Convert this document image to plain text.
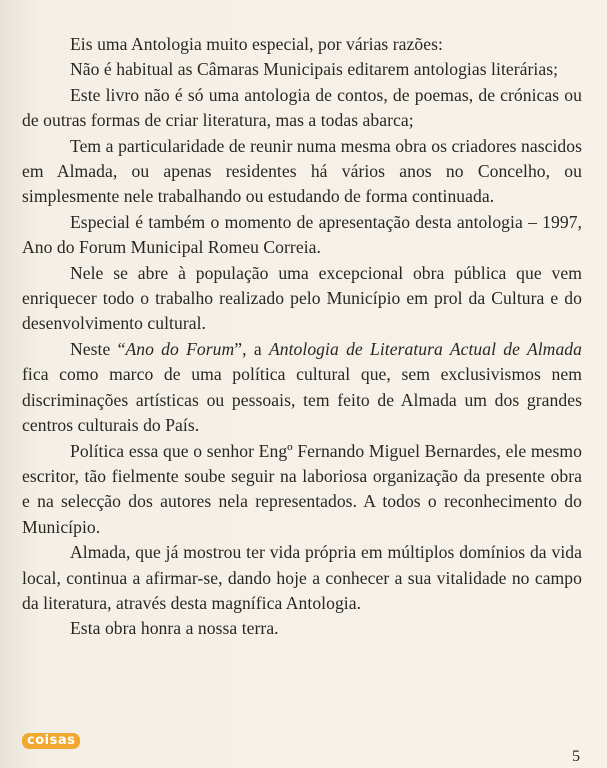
Eis uma Antologia muito especial, por várias razões:

Não é habitual as Câmaras Municipais editarem antologias literárias;

Este livro não é só uma antologia de contos, de poemas, de crónicas ou de outras formas de criar literatura, mas a todas abarca;

Tem a particularidade de reunir numa mesma obra os criadores nascidos em Almada, ou apenas residentes há vários anos no Concelho, ou simplesmente nele trabalhando ou estudando de forma continuada.

Especial é também o momento de apresentação desta antologia – 1997, Ano do Forum Municipal Romeu Correia.

Nele se abre à população uma excepcional obra pública que vem enriquecer todo o trabalho realizado pelo Município em prol da Cultura e do desenvolvimento cultural.

Neste “Ano do Forum”, a Antologia de Literatura Actual de Almada fica como marco de uma política cultural que, sem exclusivismos nem discriminações artísticas ou pessoais, tem feito de Almada um dos grandes centros culturais do País.

Política essa que o senhor Engº Fernando Miguel Bernardes, ele mesmo escritor, tão fielmente soube seguir na laboriosa organização da presente obra e na selecção dos autores nela representados. A todos o reconhecimento do Município.

Almada, que já mostrou ter vida própria em múltiplos domínios da vida local, continua a afirmar-se, dando hoje a conhecer a sua vitalidade no campo da literatura, através desta magnífica Antologia.

Esta obra honra a nossa terra.

coisas
5
